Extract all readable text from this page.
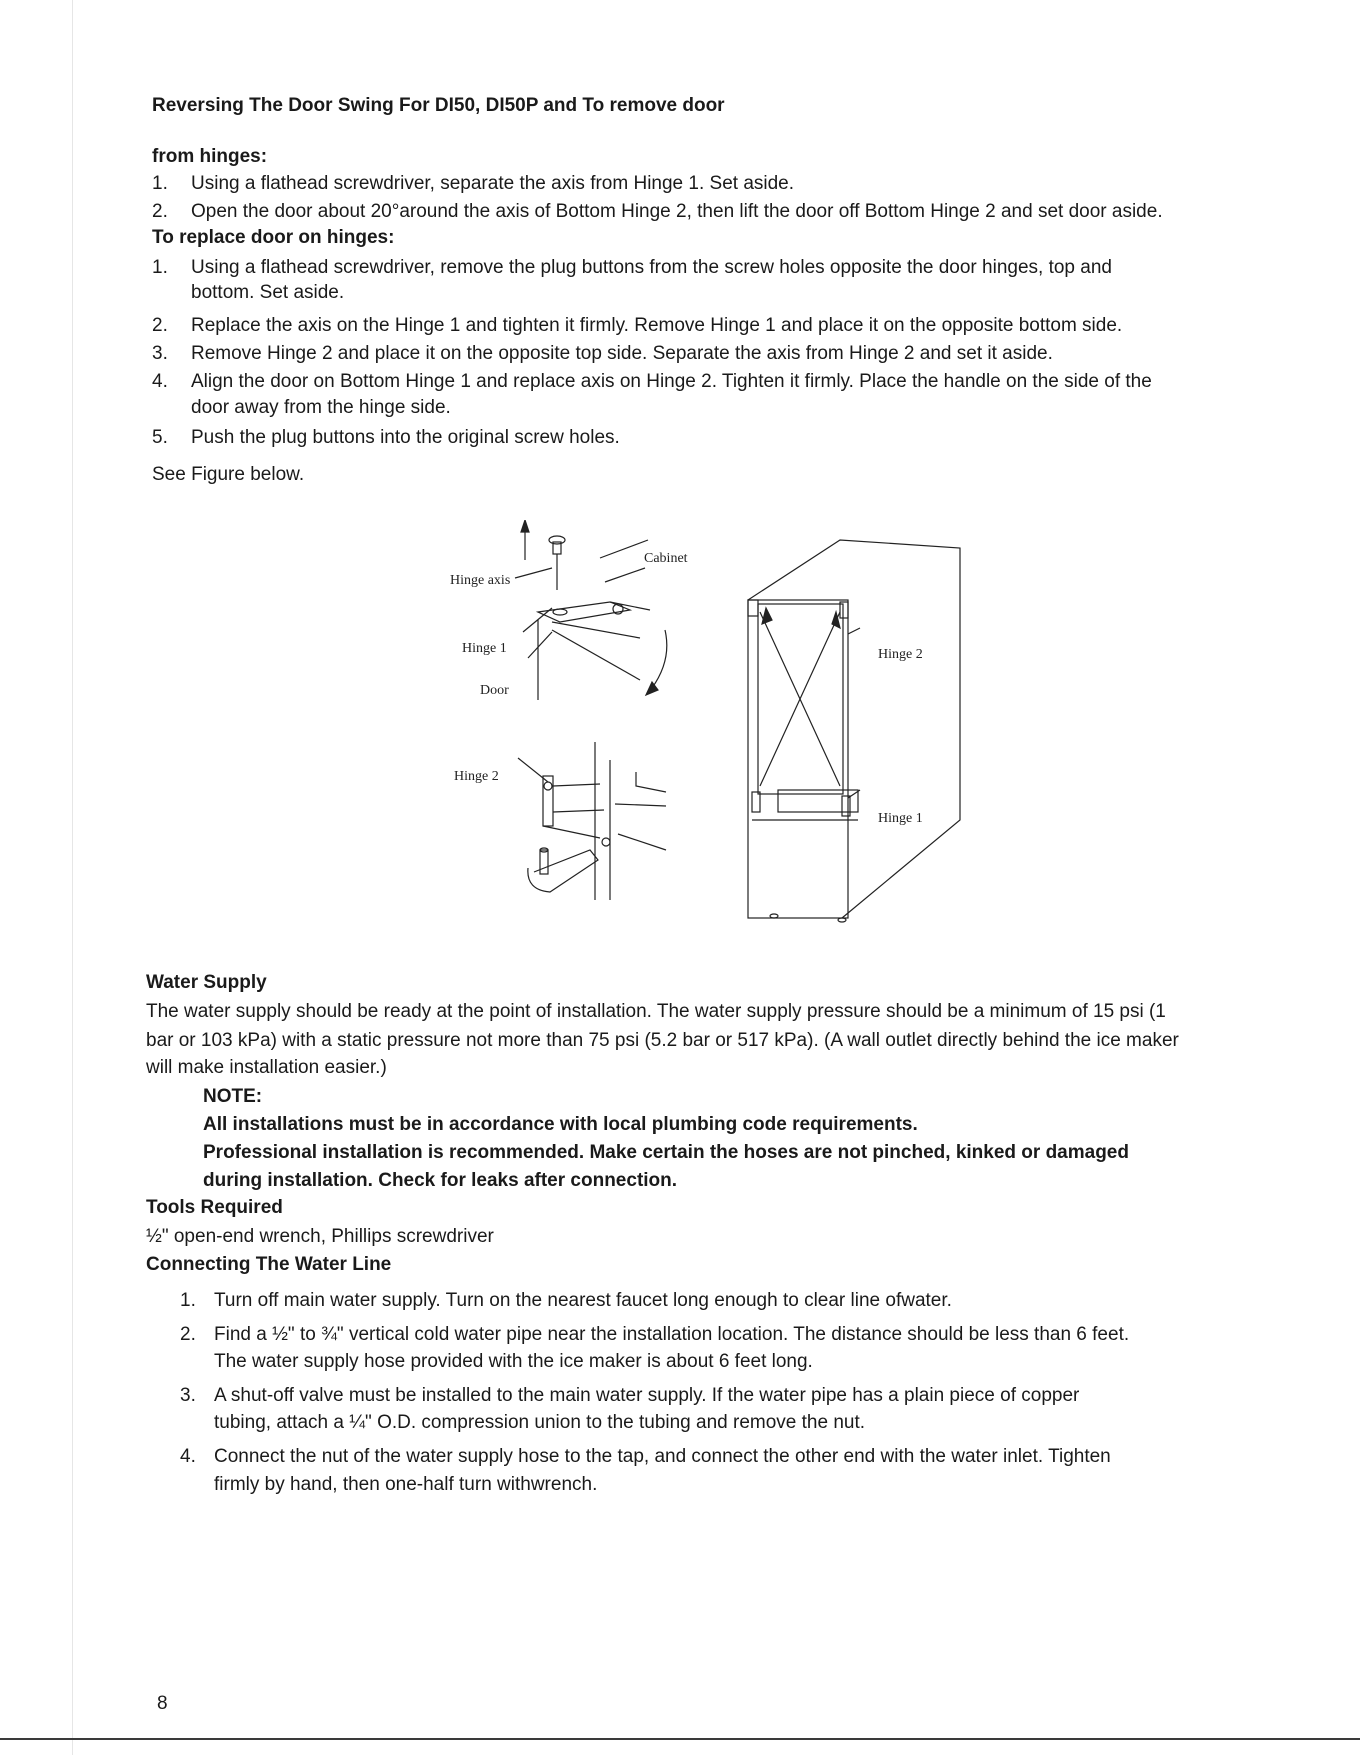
Reversing The Door Swing For DI50, DI50P and To remove door
from hinges:
1. Using a flathead screwdriver, separate the axis from Hinge 1. Set aside.
2. Open the door about 20°around the axis of Bottom Hinge 2, then lift the door off Bottom Hinge 2 and set door aside.
To replace door on hinges:
1. Using a flathead screwdriver, remove the plug buttons from the screw holes opposite the door hinges, top and
bottom. Set aside.
2. Replace the axis on the Hinge 1 and tighten it firmly. Remove Hinge 1 and place it on the opposite bottom side.
3. Remove Hinge 2 and place it on the opposite top side. Separate the axis from Hinge 2 and set it aside.
4. Align the door on Bottom Hinge 1 and replace axis on Hinge 2. Tighten it firmly. Place the handle on the side of the
door away from the hinge side.
5. Push the plug buttons into the original screw holes.
See Figure below.
Hinge axis
Cabinet
Hinge 1
Door
Hinge 2
Hinge 2
Hinge 1
Water Supply
The water supply should be ready at the point of installation. The water supply pressure should be a minimum of 15 psi (1
bar or 103 kPa) with a static pressure not more than 75 psi (5.2 bar or 517 kPa). (A wall outlet directly behind the ice maker
will make installation easier.)
NOTE:
All installations must be in accordance with local plumbing code requirements.
Professional installation is recommended. Make certain the hoses are not pinched, kinked or damaged
during installation. Check for leaks after connection.
Tools Required
½" open-end wrench, Phillips screwdriver
Connecting The Water Line
1. Turn off main water supply. Turn on the nearest faucet long enough to clear line ofwater.
2. Find a ½" to ¾" vertical cold water pipe near the installation location. The distance should be less than 6 feet.
The water supply hose provided with the ice maker is about 6 feet long.
3. A shut-off valve must be installed to the main water supply. If the water pipe has a plain piece of copper
tubing, attach a ¼" O.D. compression union to the tubing and remove the nut.
4. Connect the nut of the water supply hose to the tap, and connect the other end with the water inlet. Tighten
firmly by hand, then one-half turn withwrench.
8
